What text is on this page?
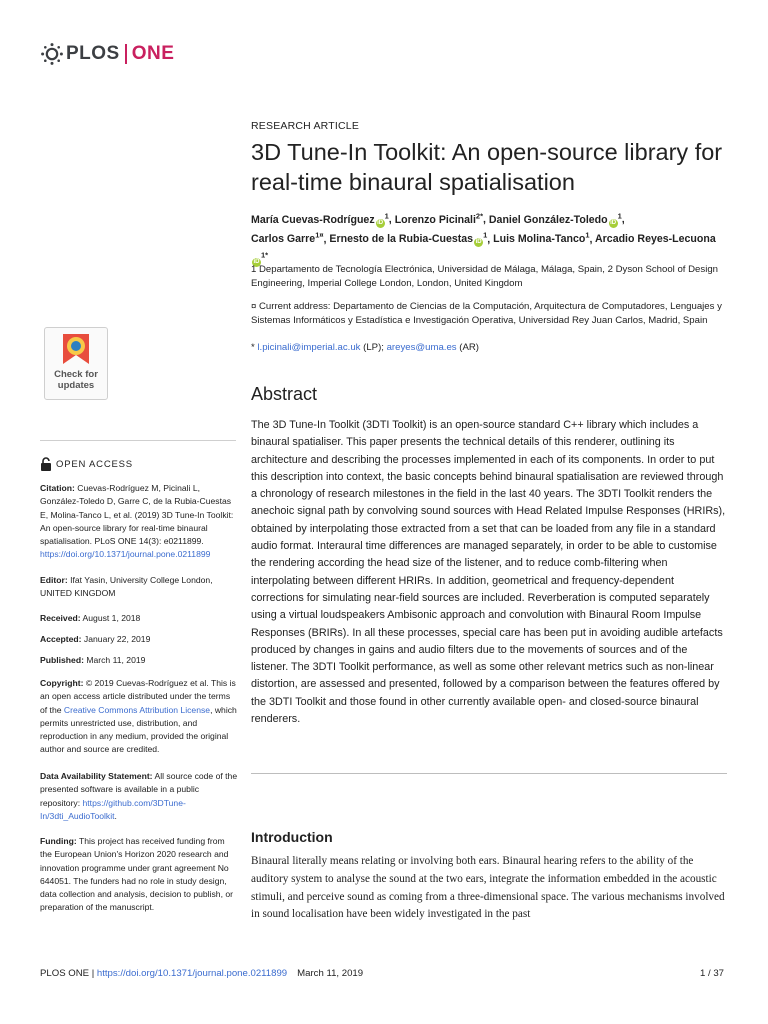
PLOS ONE
RESEARCH ARTICLE
3D Tune-In Toolkit: An open-source library for real-time binaural spatialisation
María Cuevas-Rodríguez $iD^1$, Lorenzo Picinali$^{2*}$, Daniel González-Toledo $iD^1$,
Carlos Garre$^{1¤}$, Ernesto de la Rubia-Cuestas $iD^1$, Luis Molina-Tanco$^1$, Arcadio Reyes-LecuonaiD$^{1*}$
1 Departamento de Tecnología Electrónica, Universidad de Málaga, Málaga, Spain, 2 Dyson School of Design Engineering, Imperial College London, London, United Kingdom
¤ Current address: Departamento de Ciencias de la Computación, Arquitectura de Computadores, Lenguajes y Sistemas Informáticos y Estadística e Investigación Operativa, Universidad Rey Juan Carlos, Madrid, Spain
* l.picinali@imperial.ac.uk (LP); areyes@uma.es (AR)
Abstract
The 3D Tune-In Toolkit (3DTI Toolkit) is an open-source standard C++ library which includes a binaural spatialiser. This paper presents the technical details of this renderer, outlining its architecture and describing the processes implemented in each of its components. In order to put this description into context, the basic concepts behind binaural spatialisation are reviewed through a chronology of research milestones in the field in the last 40 years. The 3DTI Toolkit renders the anechoic signal path by convolving sound sources with Head Related Impulse Responses (HRIRs), obtained by interpolating those extracted from a set that can be loaded from any file in a standard audio format. Interaural time differences are managed separately, in order to be able to customise the rendering according the head size of the listener, and to reduce comb-filtering when interpolating between different HRIRs. In addition, geometrical and frequency-dependent corrections for simulating near-field sources are included. Reverberation is computed separately using a virtual loudspeakers Ambisonic approach and convolution with Binaural Room Impulse Responses (BRIRs). In all these processes, special care has been put in avoiding audible artefacts produced by changes in gains and audio filters due to the movements of sources and of the listener. The 3DTI Toolkit performance, as well as some other relevant metrics such as non-linear distortion, are assessed and presented, followed by a comparison between the features offered by the 3DTI Toolkit and those found in other currently available open- and closed-source binaural renderers.
Introduction
Binaural literally means relating or involving both ears. Binaural hearing refers to the ability of the auditory system to analyse the sound at the two ears, integrate the information embedded in the acoustic stimuli, and perceive sound as coming from a three-dimensional space. The various mechanisms involved in sound localisation have been widely investigated in the past
Check for updates
OPEN ACCESS
Citation: Cuevas-Rodríguez M, Picinali L, González-Toledo D, Garre C, de la Rubia-Cuestas E, Molina-Tanco L, et al. (2019) 3D Tune-In Toolkit: An open-source library for real-time binaural spatialisation. PLoS ONE 14(3): e0211899. https://doi.org/10.1371/journal.pone.0211899
Editor: Ifat Yasin, University College London, UNITED KINGDOM
Received: August 1, 2018
Accepted: January 22, 2019
Published: March 11, 2019
Copyright: © 2019 Cuevas-Rodríguez et al. This is an open access article distributed under the terms of the Creative Commons Attribution License, which permits unrestricted use, distribution, and reproduction in any medium, provided the original author and source are credited.
Data Availability Statement: All source code of the presented software is available in a public repository: https://github.com/3DTune-In/3dti_AudioToolkit.
Funding: This project has received funding from the European Union's Horizon 2020 research and innovation programme under grant agreement No 644051. The funders had no role in study design, data collection and analysis, decision to publish, or preparation of the manuscript.
PLOS ONE | https://doi.org/10.1371/journal.pone.0211899 March 11, 2019	1 / 37
